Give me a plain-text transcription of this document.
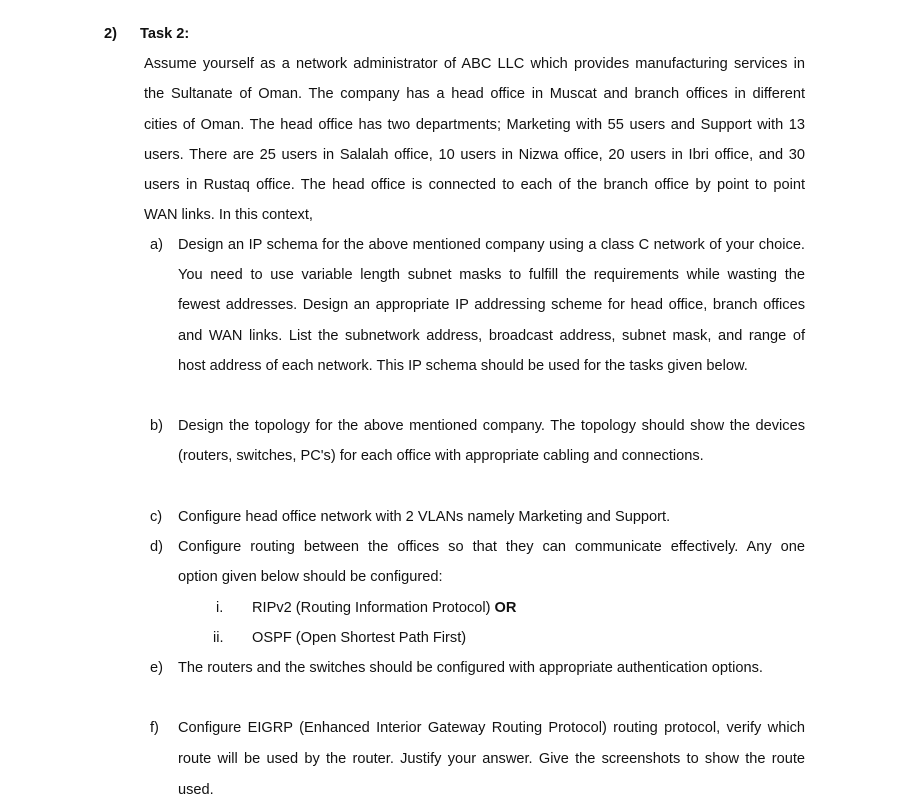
2) Task 2:
Assume yourself as a network administrator of ABC LLC which provides manufacturing services in
the Sultanate of Oman. The company has a head office in Muscat and branch offices in different
cities of Oman. The head office has two departments; Marketing with 55 users and Support with 13
users. There are 25 users in Salalah office, 10 users in Nizwa office, 20 users in Ibri office, and 30
users in Rustaq office. The head office is connected to each of the branch office by point to point
WAN links. In this context,
a) Design an IP schema for the above mentioned company using a class C network of your choice.
You need to use variable length subnet masks to fulfill the requirements while wasting the
fewest addresses. Design an appropriate IP addressing scheme for head office, branch offices
and WAN links. List the subnetwork address, broadcast address, subnet mask, and range of
host address of each network. This IP schema should be used for the tasks given below.
b) Design the topology for the above mentioned company. The topology should show the devices
(routers, switches, PC's) for each office with appropriate cabling and connections.
c) Configure head office network with 2 VLANs namely Marketing and Support.
d) Configure routing between the offices so that they can communicate effectively. Any one
option given below should be configured:
i. RIPv2 (Routing Information Protocol) OR
ii. OSPF (Open Shortest Path First)
e) The routers and the switches should be configured with appropriate authentication options.
f) Configure EIGRP (Enhanced Interior Gateway Routing Protocol) routing protocol, verify which
route will be used by the router. Justify your answer. Give the screenshots to show the route
used.
